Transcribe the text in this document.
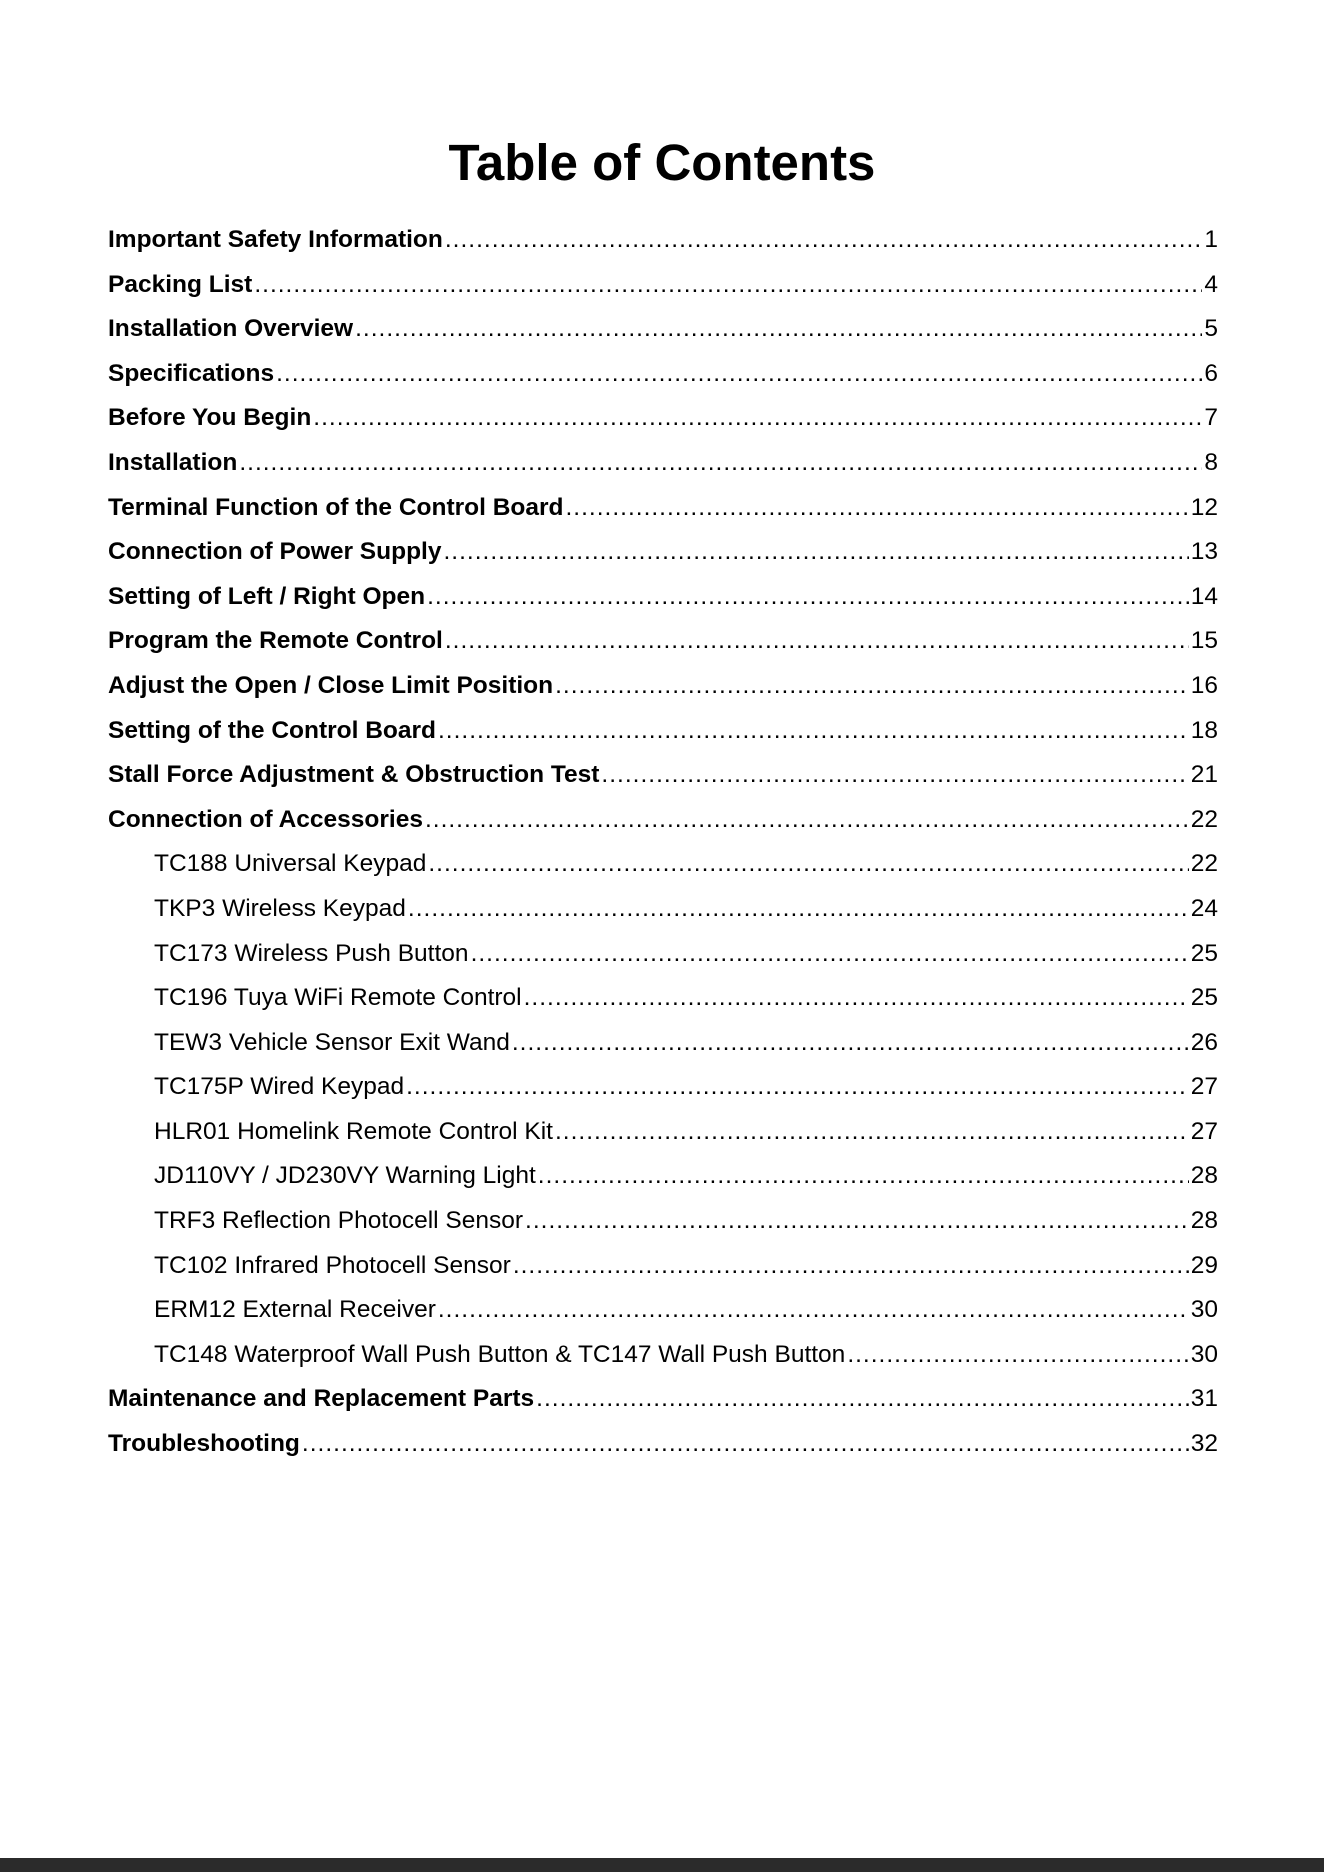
Table of Contents
Important Safety Information .....	1
Packing List .....	4
Installation Overview .....	5
Specifications .....	6
Before You Begin .....	7
Installation .....	8
Terminal Function of the Control Board .....	12
Connection of Power Supply .....	13
Setting of Left / Right Open .....	14
Program the Remote Control .....	15
Adjust the Open / Close Limit Position .....	16
Setting of the Control Board .....	18
Stall Force Adjustment & Obstruction Test .....	21
Connection of Accessories .....	22
TC188 Universal Keypad .....	22
TKP3 Wireless Keypad .....	24
TC173 Wireless Push Button .....	25
TC196 Tuya WiFi Remote Control .....	25
TEW3 Vehicle Sensor Exit Wand .....	26
TC175P Wired Keypad .....	27
HLR01 Homelink Remote Control Kit .....	27
JD110VY / JD230VY Warning Light .....	28
TRF3 Reflection Photocell Sensor .....	28
TC102 Infrared Photocell Sensor .....	29
ERM12 External Receiver .....	30
TC148 Waterproof Wall Push Button & TC147 Wall Push Button .....	30
Maintenance and Replacement Parts .....	31
Troubleshooting .....	32
